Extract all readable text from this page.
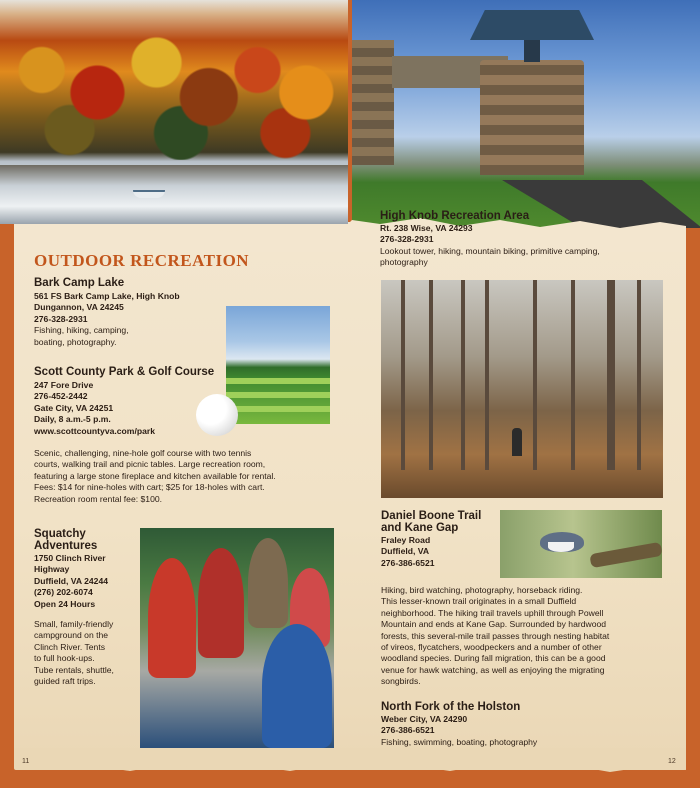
OUTDOOR RECREATION
Bark Camp Lake
561 FS Bark Camp Lake, High Knob
Dungannon, VA 24245
276-328-2931
Fishing, hiking, camping,
boating, photography.
Scott County Park & Golf Course
247 Fore Drive
276-452-2442
Gate City, VA 24251
Daily, 8 a.m.-5 p.m.
www.scottcountyva.com/park
Scenic, challenging, nine-hole golf course with two tennis
courts, walking trail and picnic tables. Large recreation room,
featuring a large stone fireplace and kitchen available for rental.
Fees: $14 for nine-holes with cart; $25 for 18-holes with cart.
Recreation room rental fee: $100.
Squatchy
Adventures
1750 Clinch River
Highway
Duffield, VA 24244
(276) 202-6074
Open 24 Hours
Small, family-friendly
campground on the
Clinch River. Tents
to full hook-ups.
Tube rentals, shuttle,
guided raft trips.
High Knob Recreation Area
Rt. 238 Wise, VA 24293
276-328-2931
Lookout tower, hiking, mountain biking, primitive camping,
photography
Daniel Boone Trail
and Kane Gap
Fraley Road
Duffield, VA
276-386-6521
Hiking, bird watching, photography, horseback riding.
This lesser-known trail originates in a small Duffield
neighborhood. The hiking trail travels uphill through Powell
Mountain and ends at Kane Gap. Surrounded by hardwood
forests, this several-mile trail passes through nesting habitat
of vireos, flycatchers, woodpeckers and a number of other
woodland species. During fall migration, this can be a good
venue for hawk watching, as well as enjoying the migrating
songbirds.
North Fork of the Holston
Weber City, VA 24290
276-386-6521
Fishing, swimming, boating, photography
11	12
